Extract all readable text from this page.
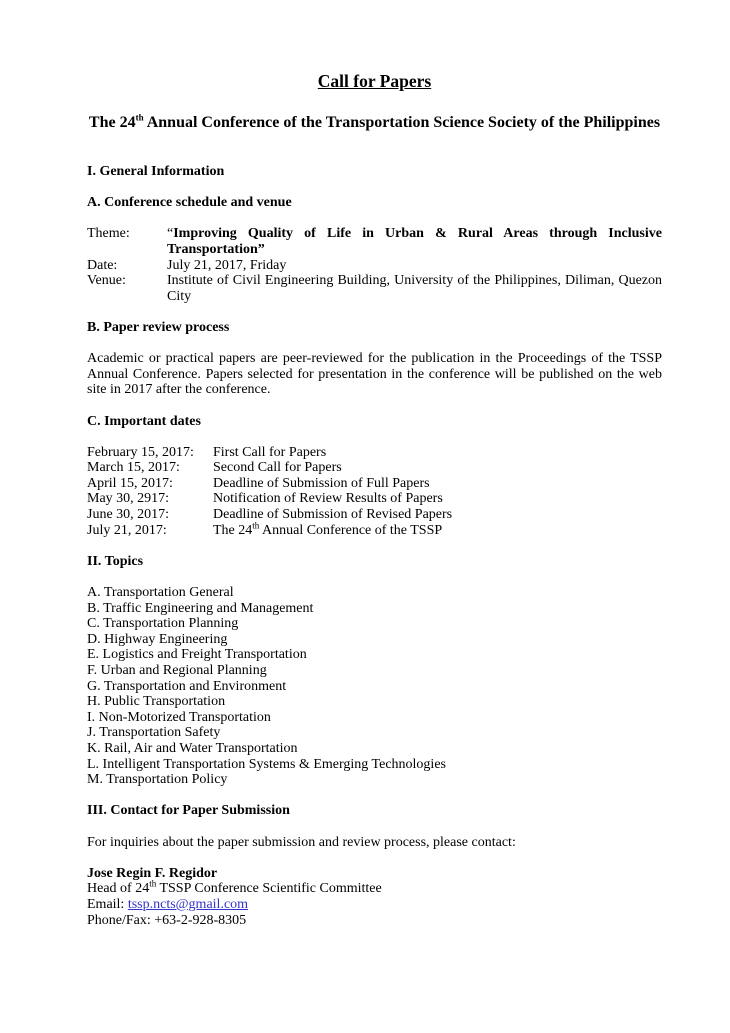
Call for Papers
The 24th Annual Conference of the Transportation Science Society of the Philippines

I. General Information

A. Conference schedule and venue

Theme:	“Improving Quality of Life in Urban & Rural Areas through Inclusive Transportation”
Date:	July 21, 2017, Friday
Venue:	Institute of Civil Engineering Building, University of the Philippines, Diliman, Quezon City

B. Paper review process

Academic or practical papers are peer-reviewed for the publication in the Proceedings of the TSSP Annual Conference. Papers selected for presentation in the conference will be published on the web site in 2017 after the conference.

C. Important dates

February 15, 2017:	First Call for Papers
March 15, 2017:	Second Call for Papers
April 15, 2017:	Deadline of Submission of Full Papers
May 30, 2917:	Notification of Review Results of Papers
June 30, 2017:	Deadline of Submission of Revised Papers
July 21, 2017:	The 24th Annual Conference of the TSSP

II. Topics

A. Transportation General
B. Traffic Engineering and Management
C. Transportation Planning
D. Highway Engineering
E. Logistics and Freight Transportation
F. Urban and Regional Planning
G. Transportation and Environment
H. Public Transportation
I. Non-Motorized Transportation
J. Transportation Safety
K. Rail, Air and Water Transportation
L. Intelligent Transportation Systems & Emerging Technologies
M. Transportation Policy

III. Contact for Paper Submission

For inquiries about the paper submission and review process, please contact:

Jose Regin F. Regidor
Head of 24th TSSP Conference Scientific Committee
Email: tssp.ncts@gmail.com
Phone/Fax: +63-2-928-8305
